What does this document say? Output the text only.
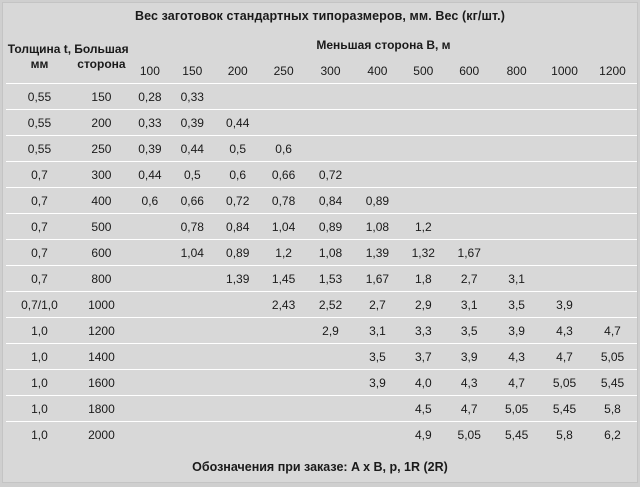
Вес заготовок стандартных типоразмеров, мм. Вес (кг/шт.)
Толщина t, мм	Большая сторона	Меньшая сторона В, м										
		100	150	200	250	300	400	500	600	800	1000	1200
0,55	150	0,28	0,33									
0,55	200	0,33	0,39	0,44								
0,55	250	0,39	0,44	0,5	0,6							
0,7	300	0,44	0,5	0,6	0,66	0,72						
0,7	400	0,6	0,66	0,72	0,78	0,84	0,89					
0,7	500		0,78	0,84	1,04	0,89	1,08	1,2				
0,7	600		1,04	0,89	1,2	1,08	1,39	1,32	1,67			
0,7	800			1,39	1,45	1,53	1,67	1,8	2,7	3,1		
0,7/1,0	1000				2,43	2,52	2,7	2,9	3,1	3,5	3,9	
1,0	1200					2,9	3,1	3,3	3,5	3,9	4,3	4,7
1,0	1400						3,5	3,7	3,9	4,3	4,7	5,05
1,0	1600						3,9	4,0	4,3	4,7	5,05	5,45
1,0	1800							4,5	4,7	5,05	5,45	5,8
1,0	2000							4,9	5,05	5,45	5,8	6,2
Обозначения при заказе: A x B, p, 1R (2R)
